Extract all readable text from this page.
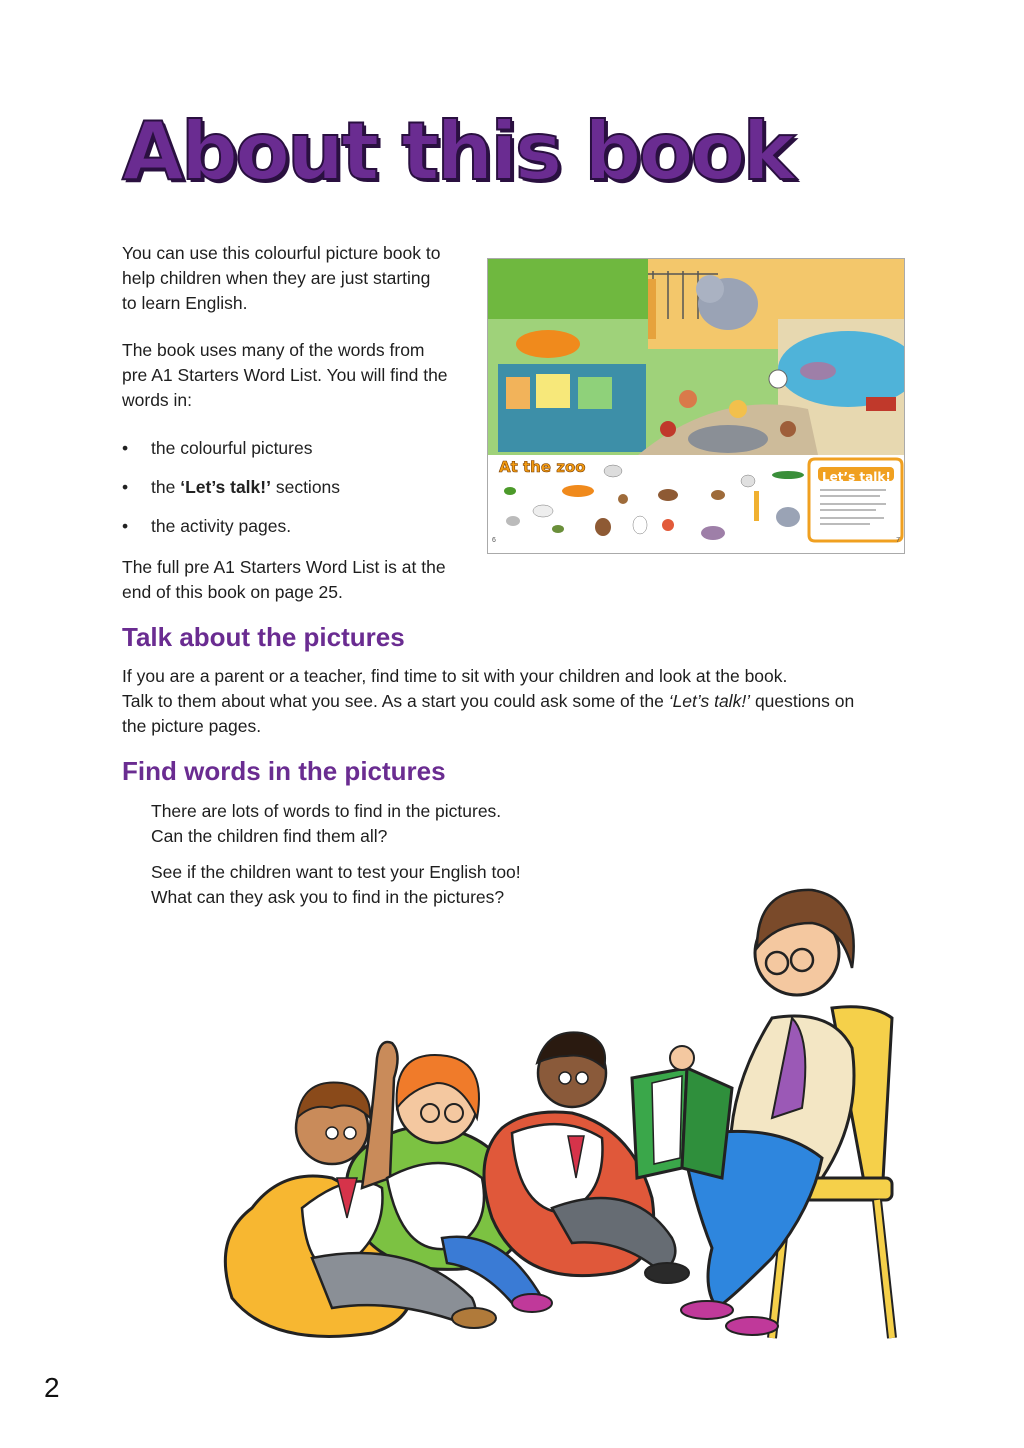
About this book

You can use this colourful picture book to
help children when they are just starting
to learn English.

The book uses many of the words from
pre A1 Starters Word List. You will find the
words in:

• the colourful pictures
• the ‘Let’s talk!’ sections
• the activity pages.

The full pre A1 Starters Word List is at the
end of this book on page 25.

At the zoo
Let’s talk!
6	7
Talk about the pictures

If you are a parent or a teacher, find time to sit with your children and look at the book.
Talk to them about what you see. As a start you could ask some of the ‘Let’s talk!’ questions on
the picture pages.

Find words in the pictures

There are lots of words to find in the pictures.
Can the children find them all?

See if the children want to test your English too!
What can they ask you to find in the pictures?

2
